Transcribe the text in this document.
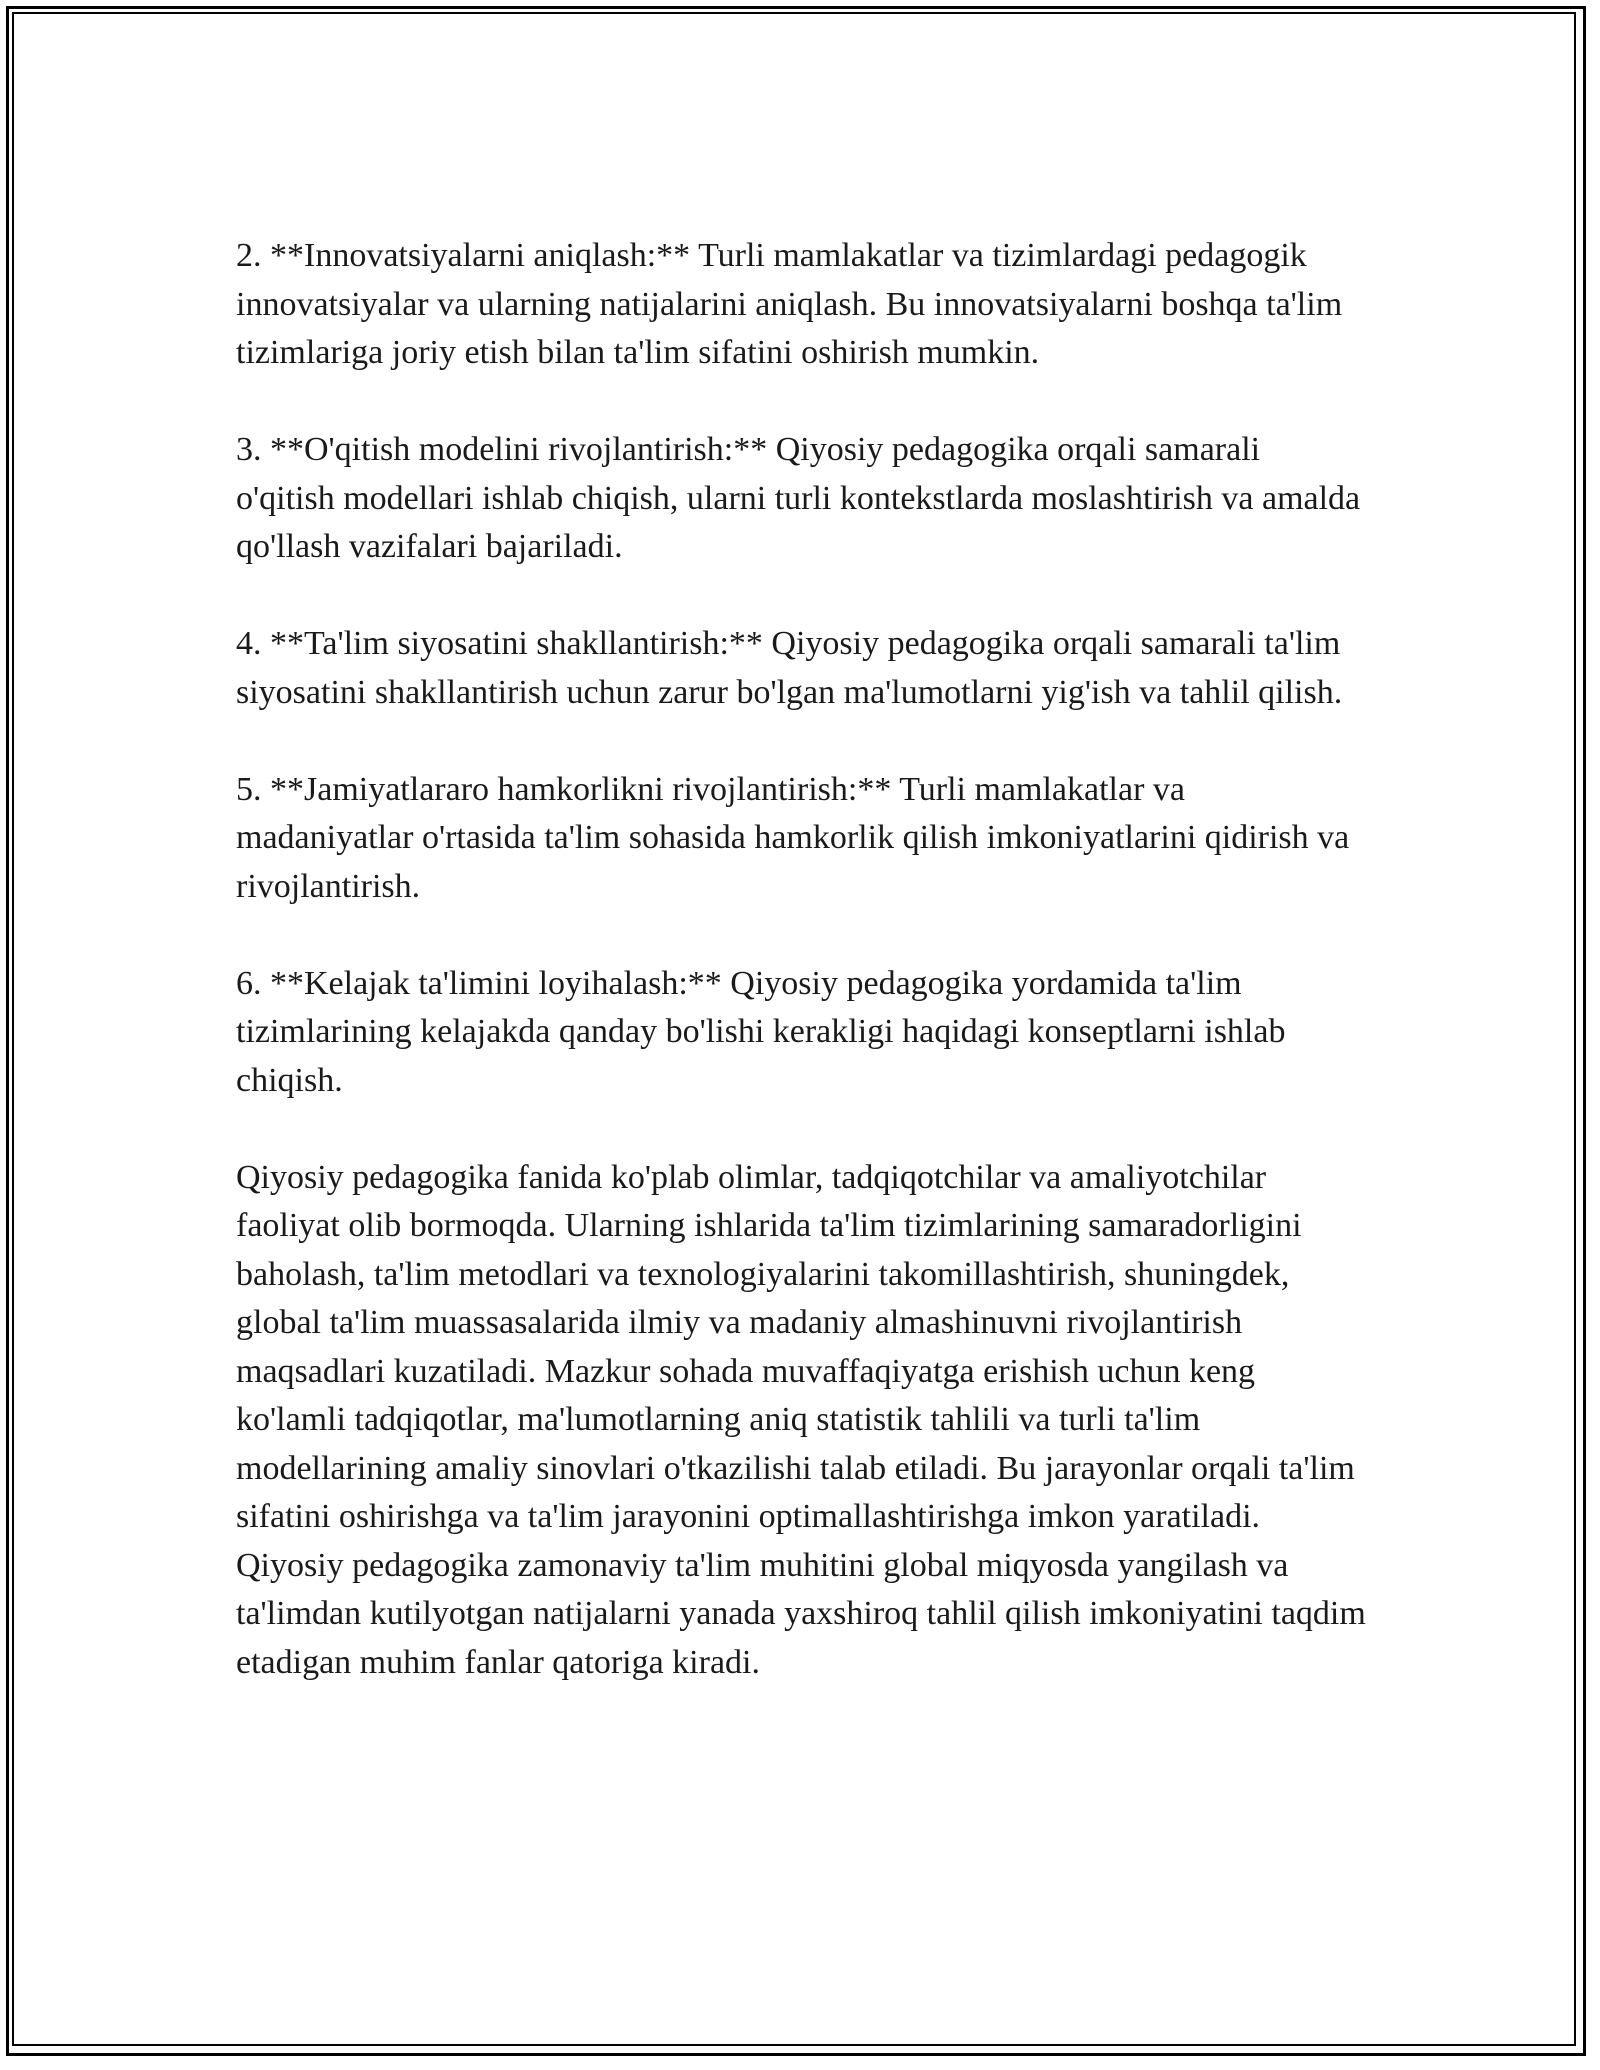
2. **Innovatsiyalarni aniqlash:** Turli mamlakatlar va tizimlardagi pedagogik innovatsiyalar va ularning natijalarini aniqlash. Bu innovatsiyalarni boshqa ta'lim tizimlariga joriy etish bilan ta'lim sifatini oshirish mumkin.

3. **O'qitish modelini rivojlantirish:** Qiyosiy pedagogika orqali samarali o'qitish modellari ishlab chiqish, ularni turli kontekstlarda moslashtirish va amalda qo'llash vazifalari bajariladi.

4. **Ta'lim siyosatini shakllantirish:** Qiyosiy pedagogika orqali samarali ta'lim siyosatini shakllantirish uchun zarur bo'lgan ma'lumotlarni yig'ish va tahlil qilish.

5. **Jamiyatlararo hamkorlikni rivojlantirish:** Turli mamlakatlar va madaniyatlar o'rtasida ta'lim sohasida hamkorlik qilish imkoniyatlarini qidirish va rivojlantirish.

6. **Kelajak ta'limini loyihalash:** Qiyosiy pedagogika yordamida ta'lim tizimlarining kelajakda qanday bo'lishi kerakligi haqidagi konseptlarni ishlab chiqish.

Qiyosiy pedagogika fanida ko'plab olimlar, tadqiqotchilar va amaliyotchilar faoliyat olib bormoqda. Ularning ishlarida ta'lim tizimlarining samaradorligini baholash, ta'lim metodlari va texnologiyalarini takomillashtirish, shuningdek, global ta'lim muassasalarida ilmiy va madaniy almashinuvni rivojlantirish maqsadlari kuzatiladi. Mazkur sohada muvaffaqiyatga erishish uchun keng ko'lamli tadqiqotlar, ma'lumotlarning aniq statistik tahlili va turli ta'lim modellarining amaliy sinovlari o'tkazilishi talab etiladi. Bu jarayonlar orqali ta'lim sifatini oshirishga va ta'lim jarayonini optimallashtirishga imkon yaratiladi. Qiyosiy pedagogika zamonaviy ta'lim muhitini global miqyosda yangilash va ta'limdan kutilyotgan natijalarni yanada yaxshiroq tahlil qilish imkoniyatini taqdim etadigan muhim fanlar qatoriga kiradi.
